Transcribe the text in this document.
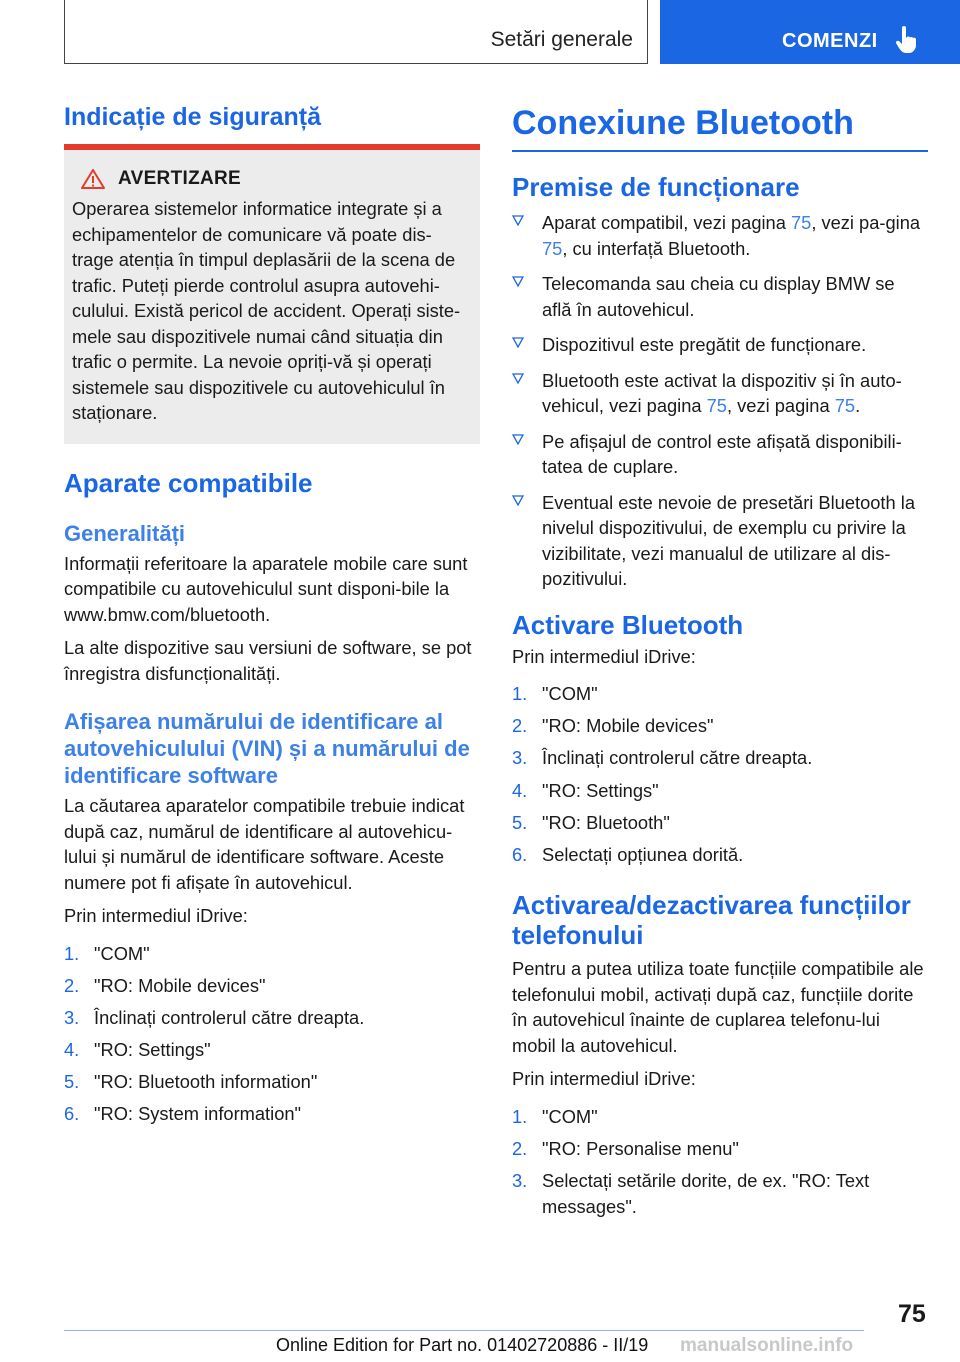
Setări generale	COMENZI
Indicație de siguranță
AVERTIZARE

Operarea sistemelor informatice integrate și a echipamentelor de comunicare vă poate dis-trage atenția în timpul deplasării de la scena de trafic. Puteți pierde controlul asupra autovehi-culului. Există pericol de accident. Operați siste-mele sau dispozitivele numai când situația din trafic o permite. La nevoie opriți-vă și operați sistemele sau dispozitivele cu autovehiculul în staționare.

Aparate compatibile
Generalități

Informații referitoare la aparatele mobile care sunt compatibile cu autovehiculul sunt disponi-bile la www.bmw.com/bluetooth.

La alte dispozitive sau versiuni de software, se pot înregistra disfuncționalități.

Afișarea numărului de identificare al autovehiculului (VIN) și a numărului de identificare software

La căutarea aparatelor compatibile trebuie indicat după caz, numărul de identificare al autovehicu-lului și numărul de identificare software. Aceste numere pot fi afișate în autovehicul.

Prin intermediul iDrive:

1. "COM"
2. "RO: Mobile devices"
3. Înclinați controlerul către dreapta.
4. "RO: Settings"
5. "RO: Bluetooth information"
6. "RO: System information"
Conexiune Bluetooth
Premise de funcționare
Aparat compatibil, vezi pagina 75, vezi pa-gina 75, cu interfață Bluetooth.
Telecomanda sau cheia cu display BMW se află în autovehicul.
Dispozitivul este pregătit de funcționare.
Bluetooth este activat la dispozitiv și în auto-vehicul, vezi pagina 75, vezi pagina 75.
Pe afișajul de control este afișată disponibili-tatea de cuplare.
Eventual este nevoie de presetări Bluetooth la nivelul dispozitivului, de exemplu cu privire la vizibilitate, vezi manualul de utilizare al dis-pozitivului.
Activare Bluetooth

Prin intermediul iDrive:

1. "COM"
2. "RO: Mobile devices"
3. Înclinați controlerul către dreapta.
4. "RO: Settings"
5. "RO: Bluetooth"
6. Selectați opțiunea dorită.
Activarea/dezactivarea funcțiilor telefonului

Pentru a putea utiliza toate funcțiile compatibile ale telefonului mobil, activați după caz, funcțiile dorite în autovehicul înainte de cuplarea telefonu-lui mobil la autovehicul.

Prin intermediul iDrive:

1. "COM"
2. "RO: Personalise menu"
3. Selectați setările dorite, de ex. "RO: Text messages".
75
Online Edition for Part no. 01402720886 - II/19 manualsonline.info
